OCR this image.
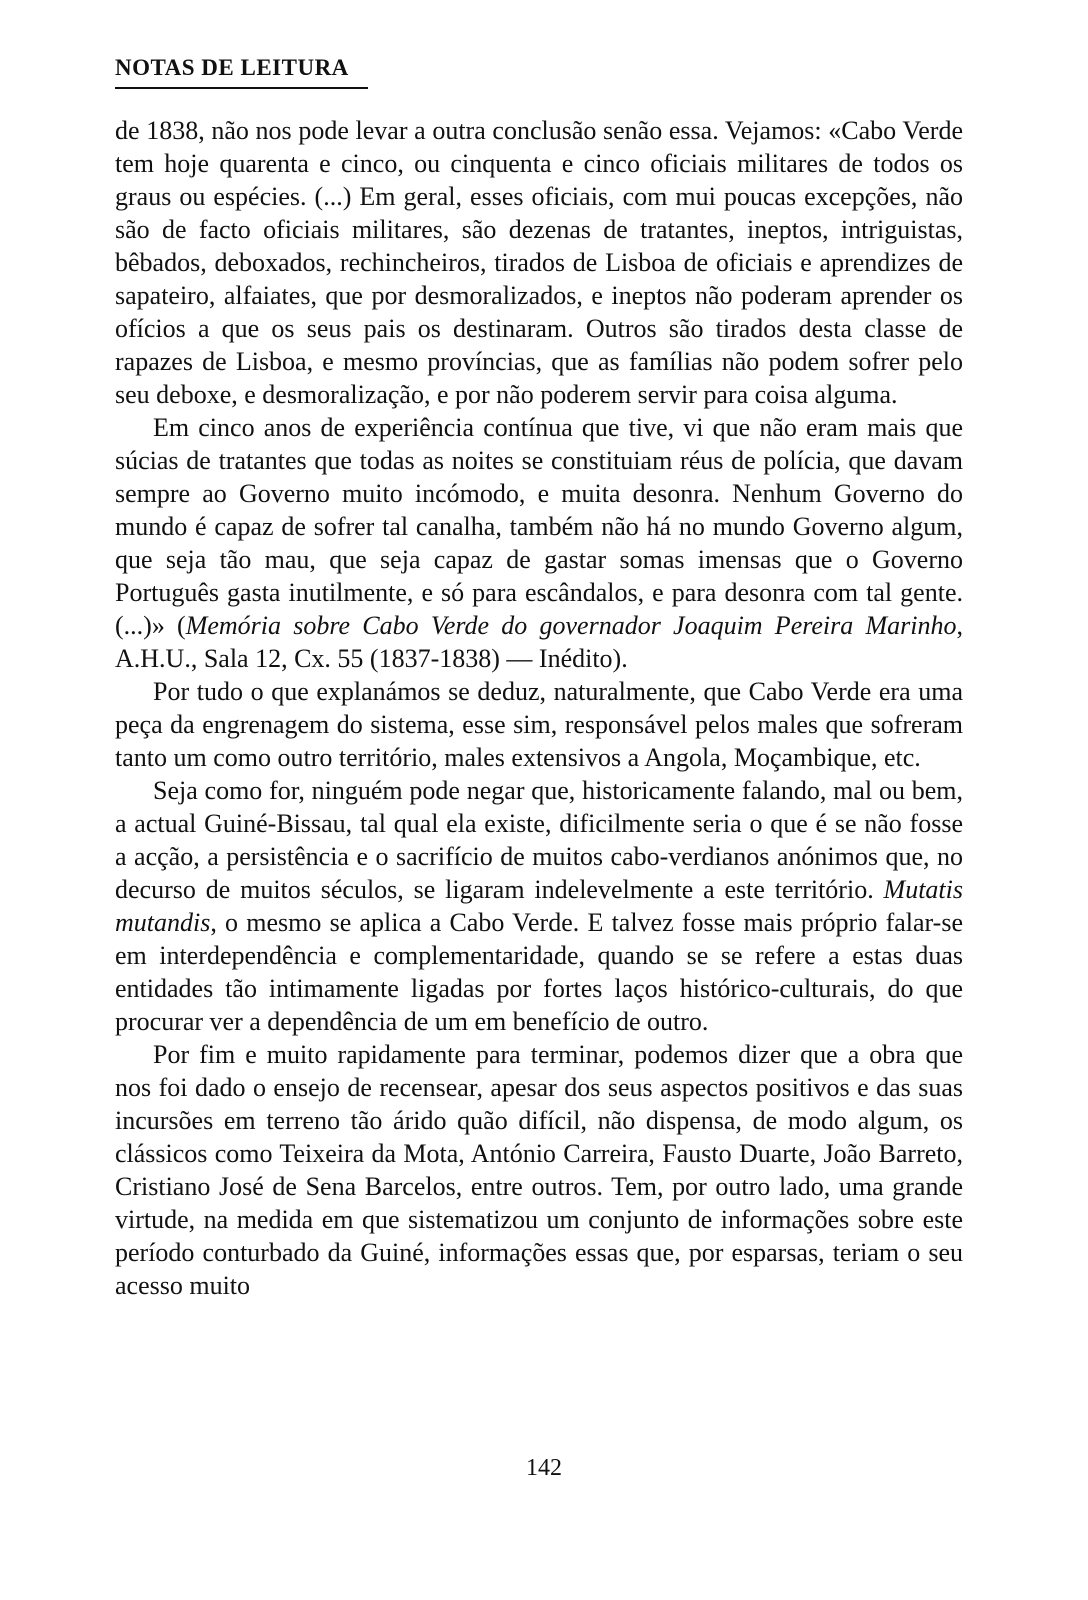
NOTAS DE LEITURA

de 1838, não nos pode levar a outra conclusão senão essa. Vejamos: «Cabo Verde tem hoje quarenta e cinco, ou cinquenta e cinco oficiais militares de todos os graus ou espécies. (...) Em geral, esses oficiais, com mui poucas excepções, não são de facto oficiais militares, são dezenas de tratantes, ineptos, intriguistas, bêbados, deboxados, rechincheiros, tirados de Lisboa de oficiais e aprendizes de sapateiro, alfaiates, que por desmoralizados, e ineptos não poderam aprender os ofícios a que os seus pais os destinaram. Outros são tirados desta classe de rapazes de Lisboa, e mesmo províncias, que as famílias não podem sofrer pelo seu deboxe, e desmoralização, e por não poderem servir para coisa alguma.

Em cinco anos de experiência contínua que tive, vi que não eram mais que súcias de tratantes que todas as noites se constituiam réus de polícia, que davam sempre ao Governo muito incómodo, e muita desonra. Nenhum Governo do mundo é capaz de sofrer tal canalha, também não há no mundo Governo algum, que seja tão mau, que seja capaz de gastar somas imensas que o Governo Português gasta inutilmente, e só para escândalos, e para desonra com tal gente. (...)» (Memória sobre Cabo Verde do governador Joaquim Pereira Marinho, A.H.U., Sala 12, Cx. 55 (1837-1838) — Inédito).

Por tudo o que explanámos se deduz, naturalmente, que Cabo Verde era uma peça da engrenagem do sistema, esse sim, responsável pelos males que sofreram tanto um como outro território, males extensivos a Angola, Moçambique, etc.

Seja como for, ninguém pode negar que, historicamente falando, mal ou bem, a actual Guiné-Bissau, tal qual ela existe, dificilmente seria o que é se não fosse a acção, a persistência e o sacrifício de muitos cabo-verdianos anónimos que, no decurso de muitos séculos, se ligaram indelevelmente a este território. Mutatis mutandis, o mesmo se aplica a Cabo Verde. E talvez fosse mais próprio falar-se em interdependência e complementaridade, quando se se refere a estas duas entidades tão intimamente ligadas por fortes laços histórico-culturais, do que procurar ver a dependência de um em benefício de outro.

Por fim e muito rapidamente para terminar, podemos dizer que a obra que nos foi dado o ensejo de recensear, apesar dos seus aspectos positivos e das suas incursões em terreno tão árido quão difícil, não dispensa, de modo algum, os clássicos como Teixeira da Mota, António Carreira, Fausto Duarte, João Barreto, Cristiano José de Sena Barcelos, entre outros. Tem, por outro lado, uma grande virtude, na medida em que sistematizou um conjunto de informações sobre este período conturbado da Guiné, informações essas que, por esparsas, teriam o seu acesso muito

142
